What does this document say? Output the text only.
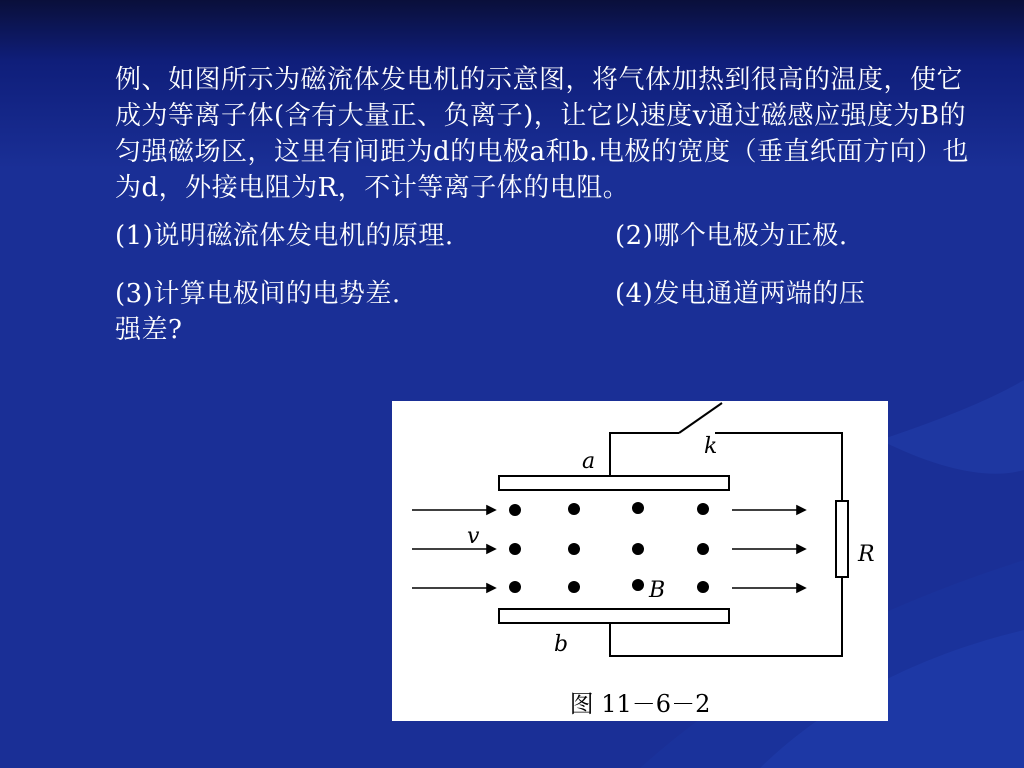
例、如图所示为磁流体发电机的示意图，将气体加热到很高的温度，使它成为等离子体(含有大量正、负离子)，让它以速度v通过磁感应强度为B的匀强磁场区，这里有间距为d的电极a和b.电极的宽度（垂直纸面方向）也为d，外接电阻为R，不计等离子体的电阻。

(1)说明磁流体发电机的原理.	(2)哪个电极为正极.
(3)计算电极间的电势差.	(4)发电通道两端的压
强差?
a
k
v
B
R
b
图 11－6－2
